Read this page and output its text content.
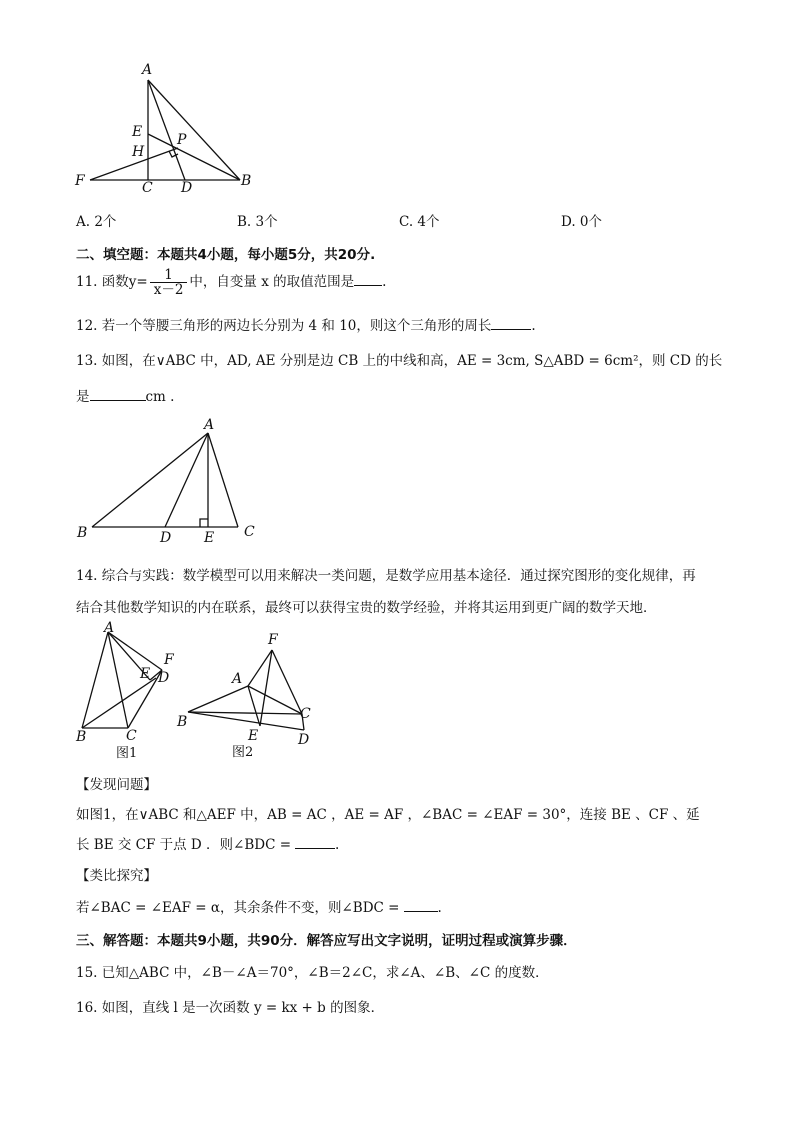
A
E P
H
F	C D	B
A. 2个	B. 3个	C. 4个	D. 0个
二、填空题：本题共4小题，每小题5分，共20分.
11. 函数$y= \frac{1}{x-2}$ 中，自变量 x 的取值范围是 .
12. 若一个等腰三角形的两边长分别为 4 和 10，则这个三角形的周长	.
13. 如图，在∨ABC 中，AD, AE 分别是边 CB 上的中线和高，AE = 3cm, S△ABD = 6cm²，则 CD 的长
是	cm .
A
B	D E C
14. 综合与实践：数学模型可以用来解决一类问题，是数学应用基本途径．通过探究图形的变化规律，再
结合其他数学知识的内在联系，最终可以获得宝贵的数学经验，并将其运用到更广阔的数学天地．
A
E
F
D
B	C
图1
F
A
B	C
E	D
图2
【发现问题】
如图1，在∨ABC 和△AEF 中，AB = AC ，AE = AF ，∠BAC = ∠EAF = 30°，连接 BE 、CF 、延
长 BE 交 CF 于点 D ．则∠BDC =	.
【类比探究】
若∠BAC = ∠EAF = α，其余条件不变，则∠BDC =	.
三、解答题：本题共9小题，共90分．解答应写出文字说明，证明过程或演算步骤．
15. 已知△ABC 中，∠B－∠A＝70°，∠B＝2∠C，求∠A、∠B、∠C 的度数．
16. 如图，直线 l 是一次函数 y = kx + b 的图象．
